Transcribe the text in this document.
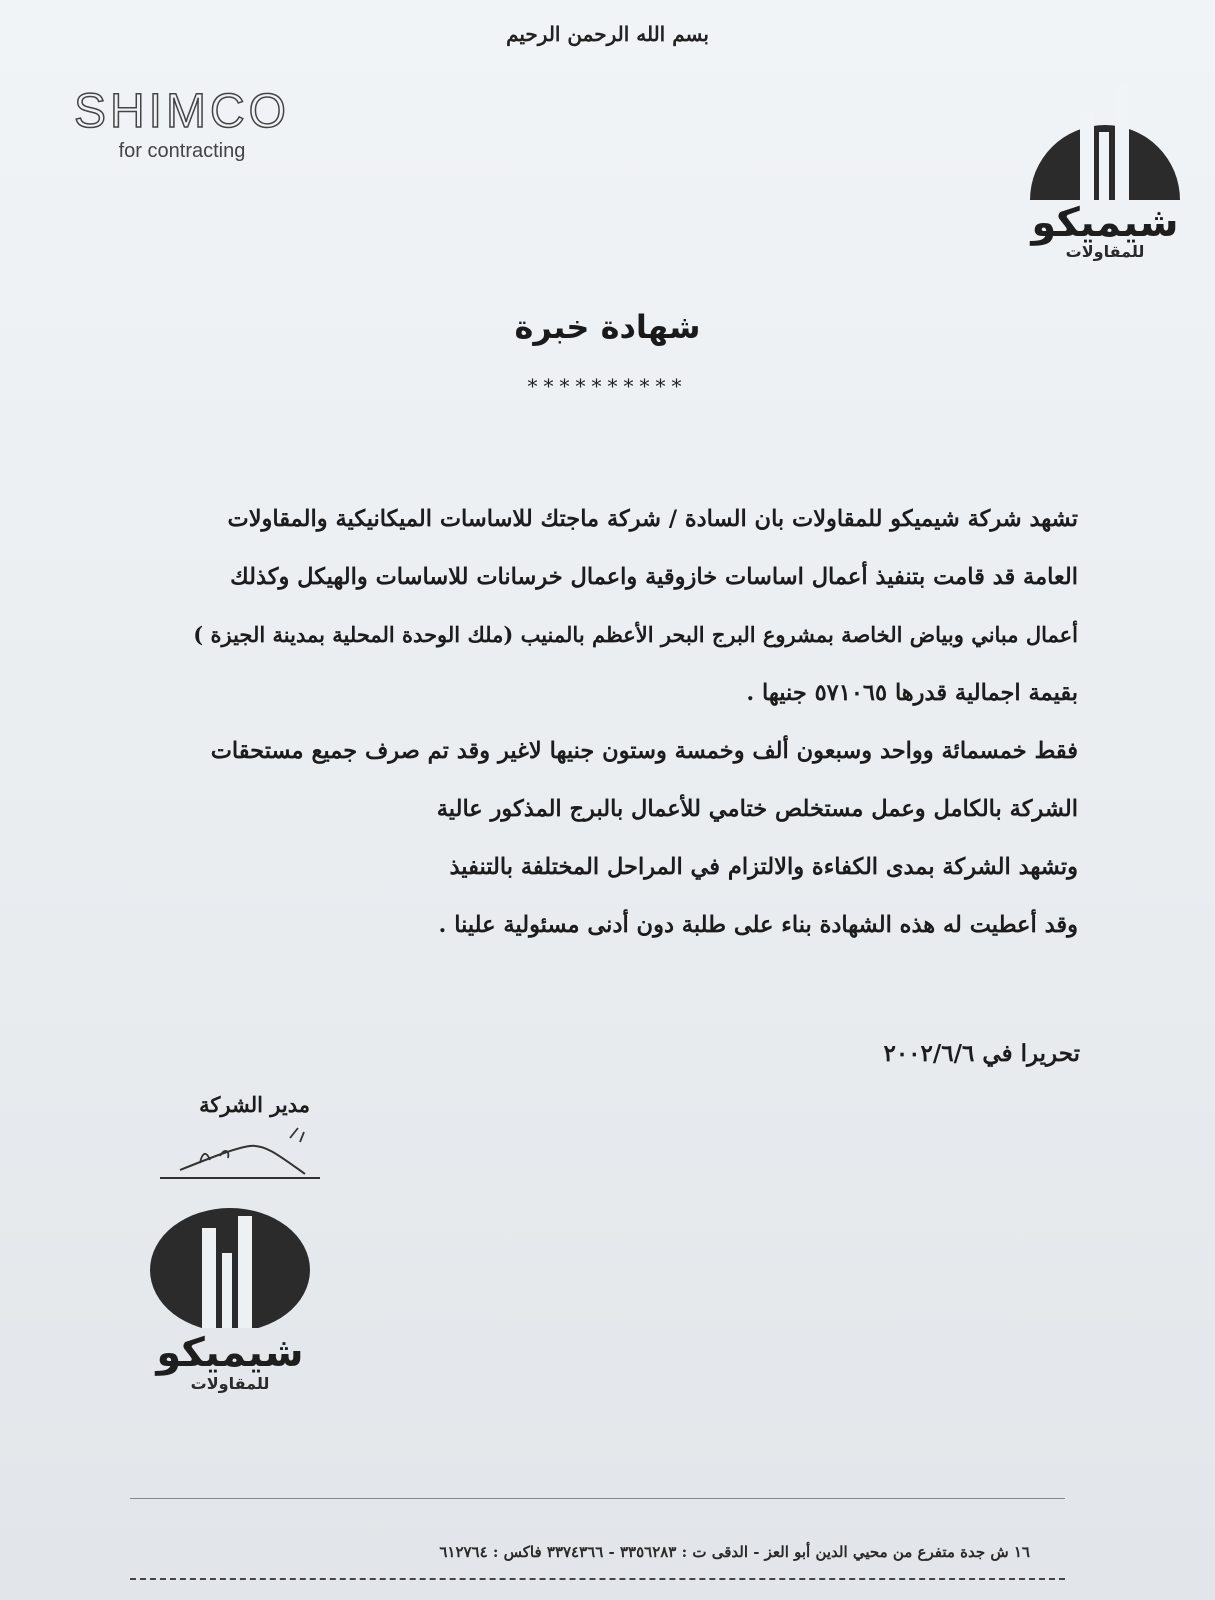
بسم الله الرحمن الرحيم
SHIMCO
for contracting
شيميكو
للمقاولات
شهادة خبرة
**********
تشهد شركة شيميكو للمقاولات بان السادة / شركة ماجتك للاساسات الميكانيكية والمقاولات
العامة قد قامت بتنفيذ أعمال اساسات خازوقية واعمال خرسانات للاساسات والهيكل وكذلك
أعمال مباني وبياض الخاصة بمشروع البرج البحر الأعظم بالمنيب (ملك الوحدة المحلية بمدينة الجيزة )
بقيمة اجمالية قدرها ٥٧١٠٦٥ جنيها .
فقط خمسمائة وواحد وسبعون ألف وخمسة وستون جنيها لاغير وقد تم صرف جميع مستحقات
الشركة بالكامل وعمل مستخلص ختامي للأعمال بالبرج المذكور عالية
وتشهد الشركة بمدى الكفاءة والالتزام في المراحل المختلفة بالتنفيذ
وقد أعطيت له هذه الشهادة بناء على طلبة دون أدنى مسئولية علينا .
تحريرا في ٢٠٠٢/٦/٦
مدير الشركة
شيميكو
للمقاولات
١٦ ش جدة متفرع من محيي الدين أبو العز - الدقى ت : ٣٣٥٦٢٨٣ - ٣٣٧٤٣٦٦ فاكس : ٦١٢٧٦٤
